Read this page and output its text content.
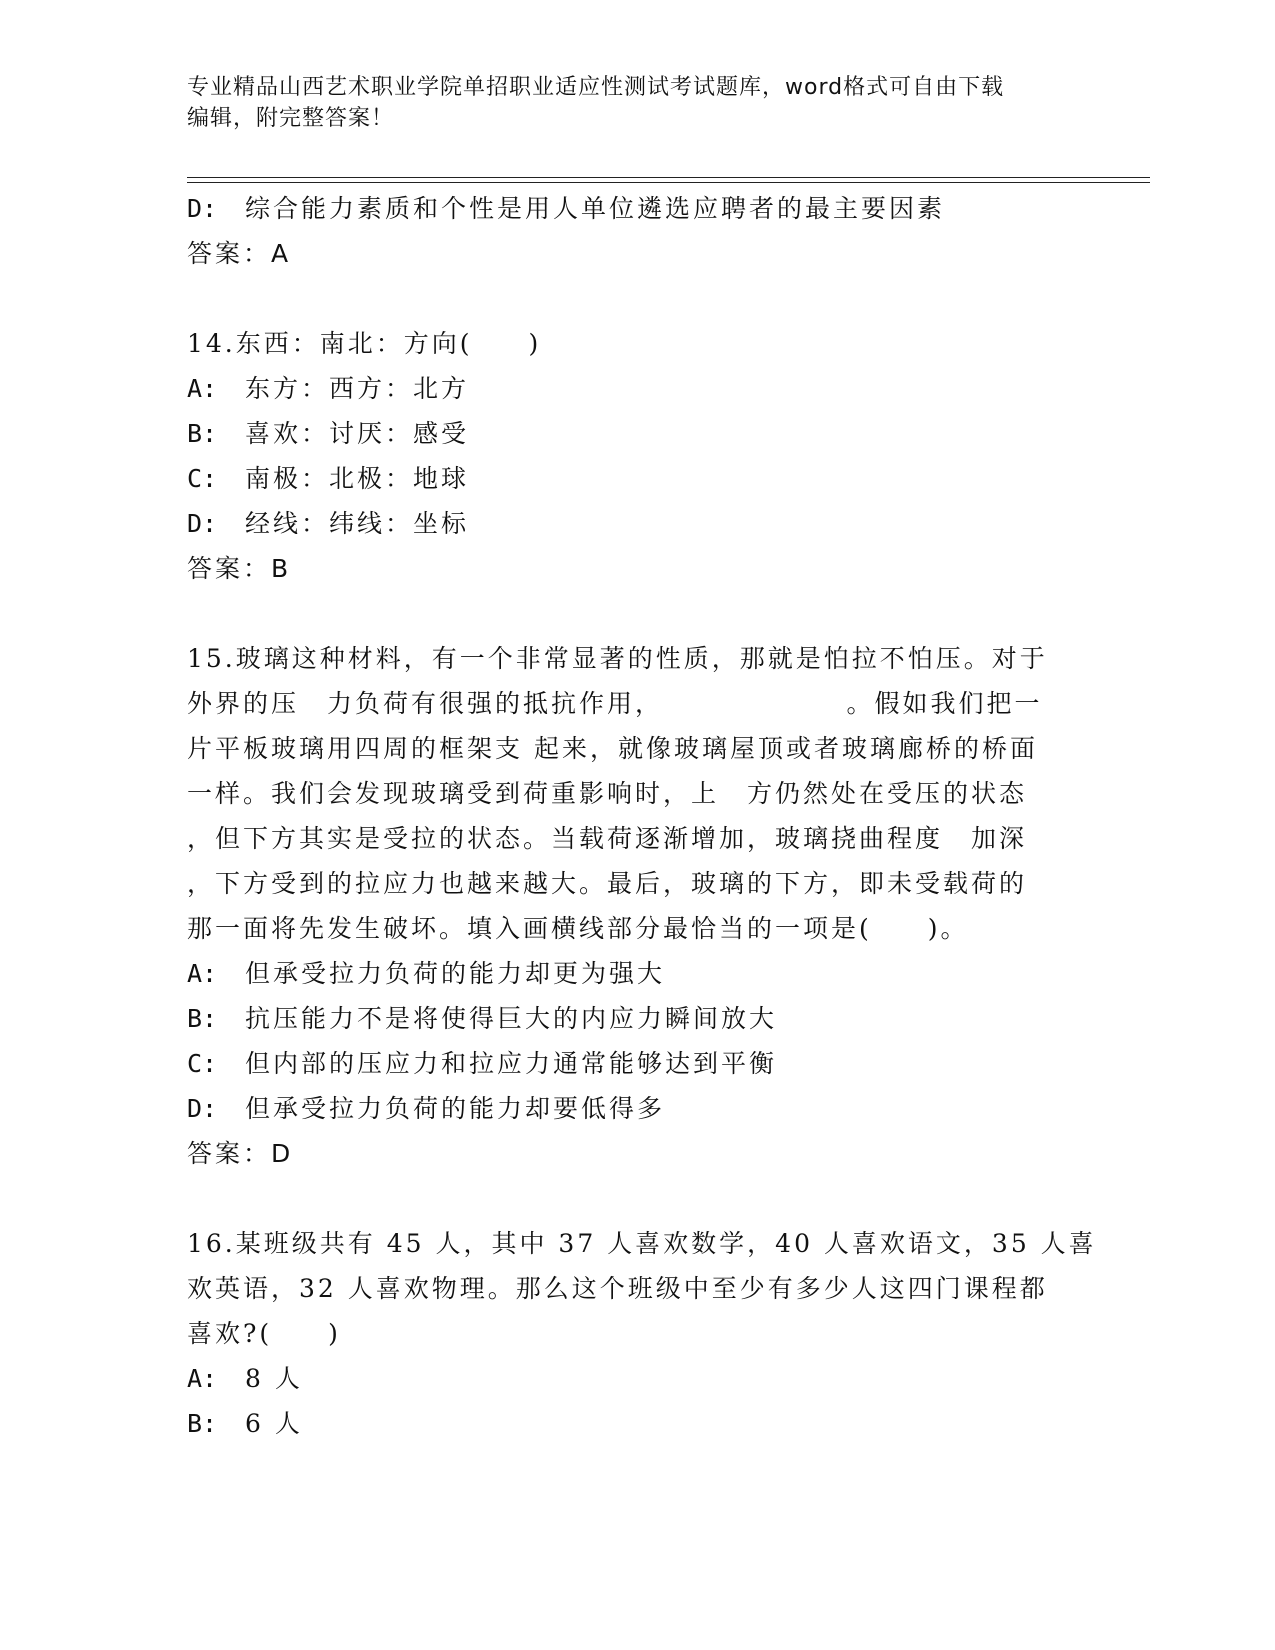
专业精品山西艺术职业学院单招职业适应性测试考试题库，word格式可自由下载
编辑，附完整答案！
D: 综合能力素质和个性是用人单位遴选应聘者的最主要因素
答案：A
14.东西：南北：方向(　　)
A: 东方：西方：北方
B: 喜欢：讨厌：感受
C: 南极：北极：地球
D: 经线：纬线：坐标
答案：B
15.玻璃这种材料，有一个非常显著的性质，那就是怕拉不怕压。对于
外界的压　力负荷有很强的抵抗作用，　　　　　　　。假如我们把一
片平板玻璃用四周的框架支 起来，就像玻璃屋顶或者玻璃廊桥的桥面
一样。我们会发现玻璃受到荷重影响时，上　方仍然处在受压的状态
，但下方其实是受拉的状态。当载荷逐渐增加，玻璃挠曲程度　加深
，下方受到的拉应力也越来越大。最后，玻璃的下方，即未受载荷的
那一面将先发生破坏。填入画横线部分最恰当的一项是(　　)。
A: 但承受拉力负荷的能力却更为强大
B: 抗压能力不是将使得巨大的内应力瞬间放大
C: 但内部的压应力和拉应力通常能够达到平衡
D: 但承受拉力负荷的能力却要低得多
答案：D
16.某班级共有 45 人，其中 37 人喜欢数学，40 人喜欢语文，35 人喜
欢英语，32 人喜欢物理。那么这个班级中至少有多少人这四门课程都
喜欢?(　　)
A: 8 人
B: 6 人
